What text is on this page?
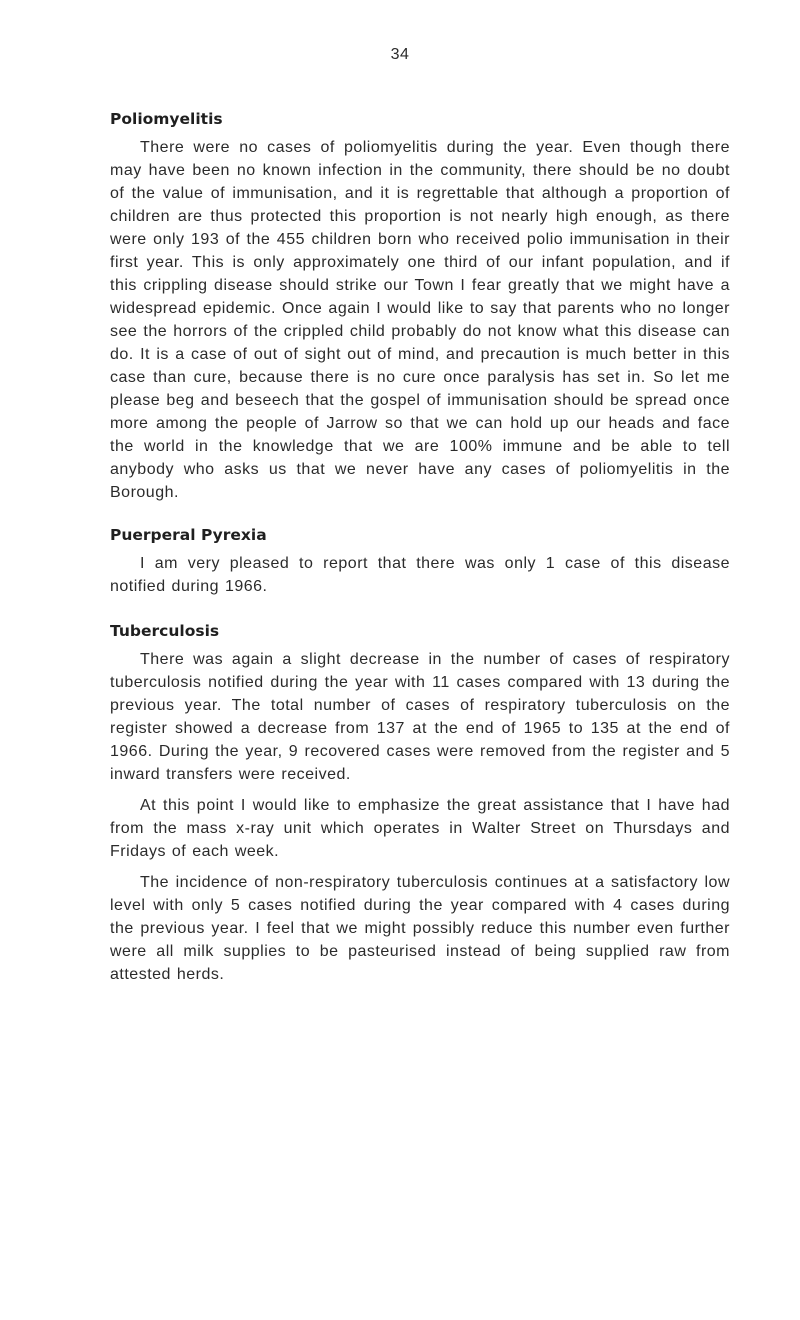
34
Poliomyelitis

There were no cases of poliomyelitis during the year. Even though there may have been no known infection in the community, there should be no doubt of the value of immunisation, and it is regrettable that although a proportion of children are thus protected this proportion is not nearly high enough, as there were only 193 of the 455 children born who received polio immunisation in their first year. This is only approximately one third of our infant population, and if this crippling disease should strike our Town I fear greatly that we might have a widespread epidemic. Once again I would like to say that parents who no longer see the horrors of the crippled child probably do not know what this disease can do. It is a case of out of sight out of mind, and precaution is much better in this case than cure, because there is no cure once paralysis has set in. So let me please beg and beseech that the gospel of immunisation should be spread once more among the people of Jarrow so that we can hold up our heads and face the world in the knowledge that we are 100% immune and be able to tell anybody who asks us that we never have any cases of poliomyelitis in the Borough.

Puerperal Pyrexia

I am very pleased to report that there was only 1 case of this disease notified during 1966.

Tuberculosis

There was again a slight decrease in the number of cases of respiratory tuberculosis notified during the year with 11 cases compared with 13 during the previous year. The total number of cases of respiratory tuberculosis on the register showed a decrease from 137 at the end of 1965 to 135 at the end of 1966. During the year, 9 recovered cases were removed from the register and 5 inward transfers were received.

At this point I would like to emphasize the great assistance that I have had from the mass x-ray unit which operates in Walter Street on Thursdays and Fridays of each week.

The incidence of non-respiratory tuberculosis continues at a satisfactory low level with only 5 cases notified during the year compared with 4 cases during the previous year. I feel that we might possibly reduce this number even further were all milk supplies to be pasteurised instead of being supplied raw from attested herds.
